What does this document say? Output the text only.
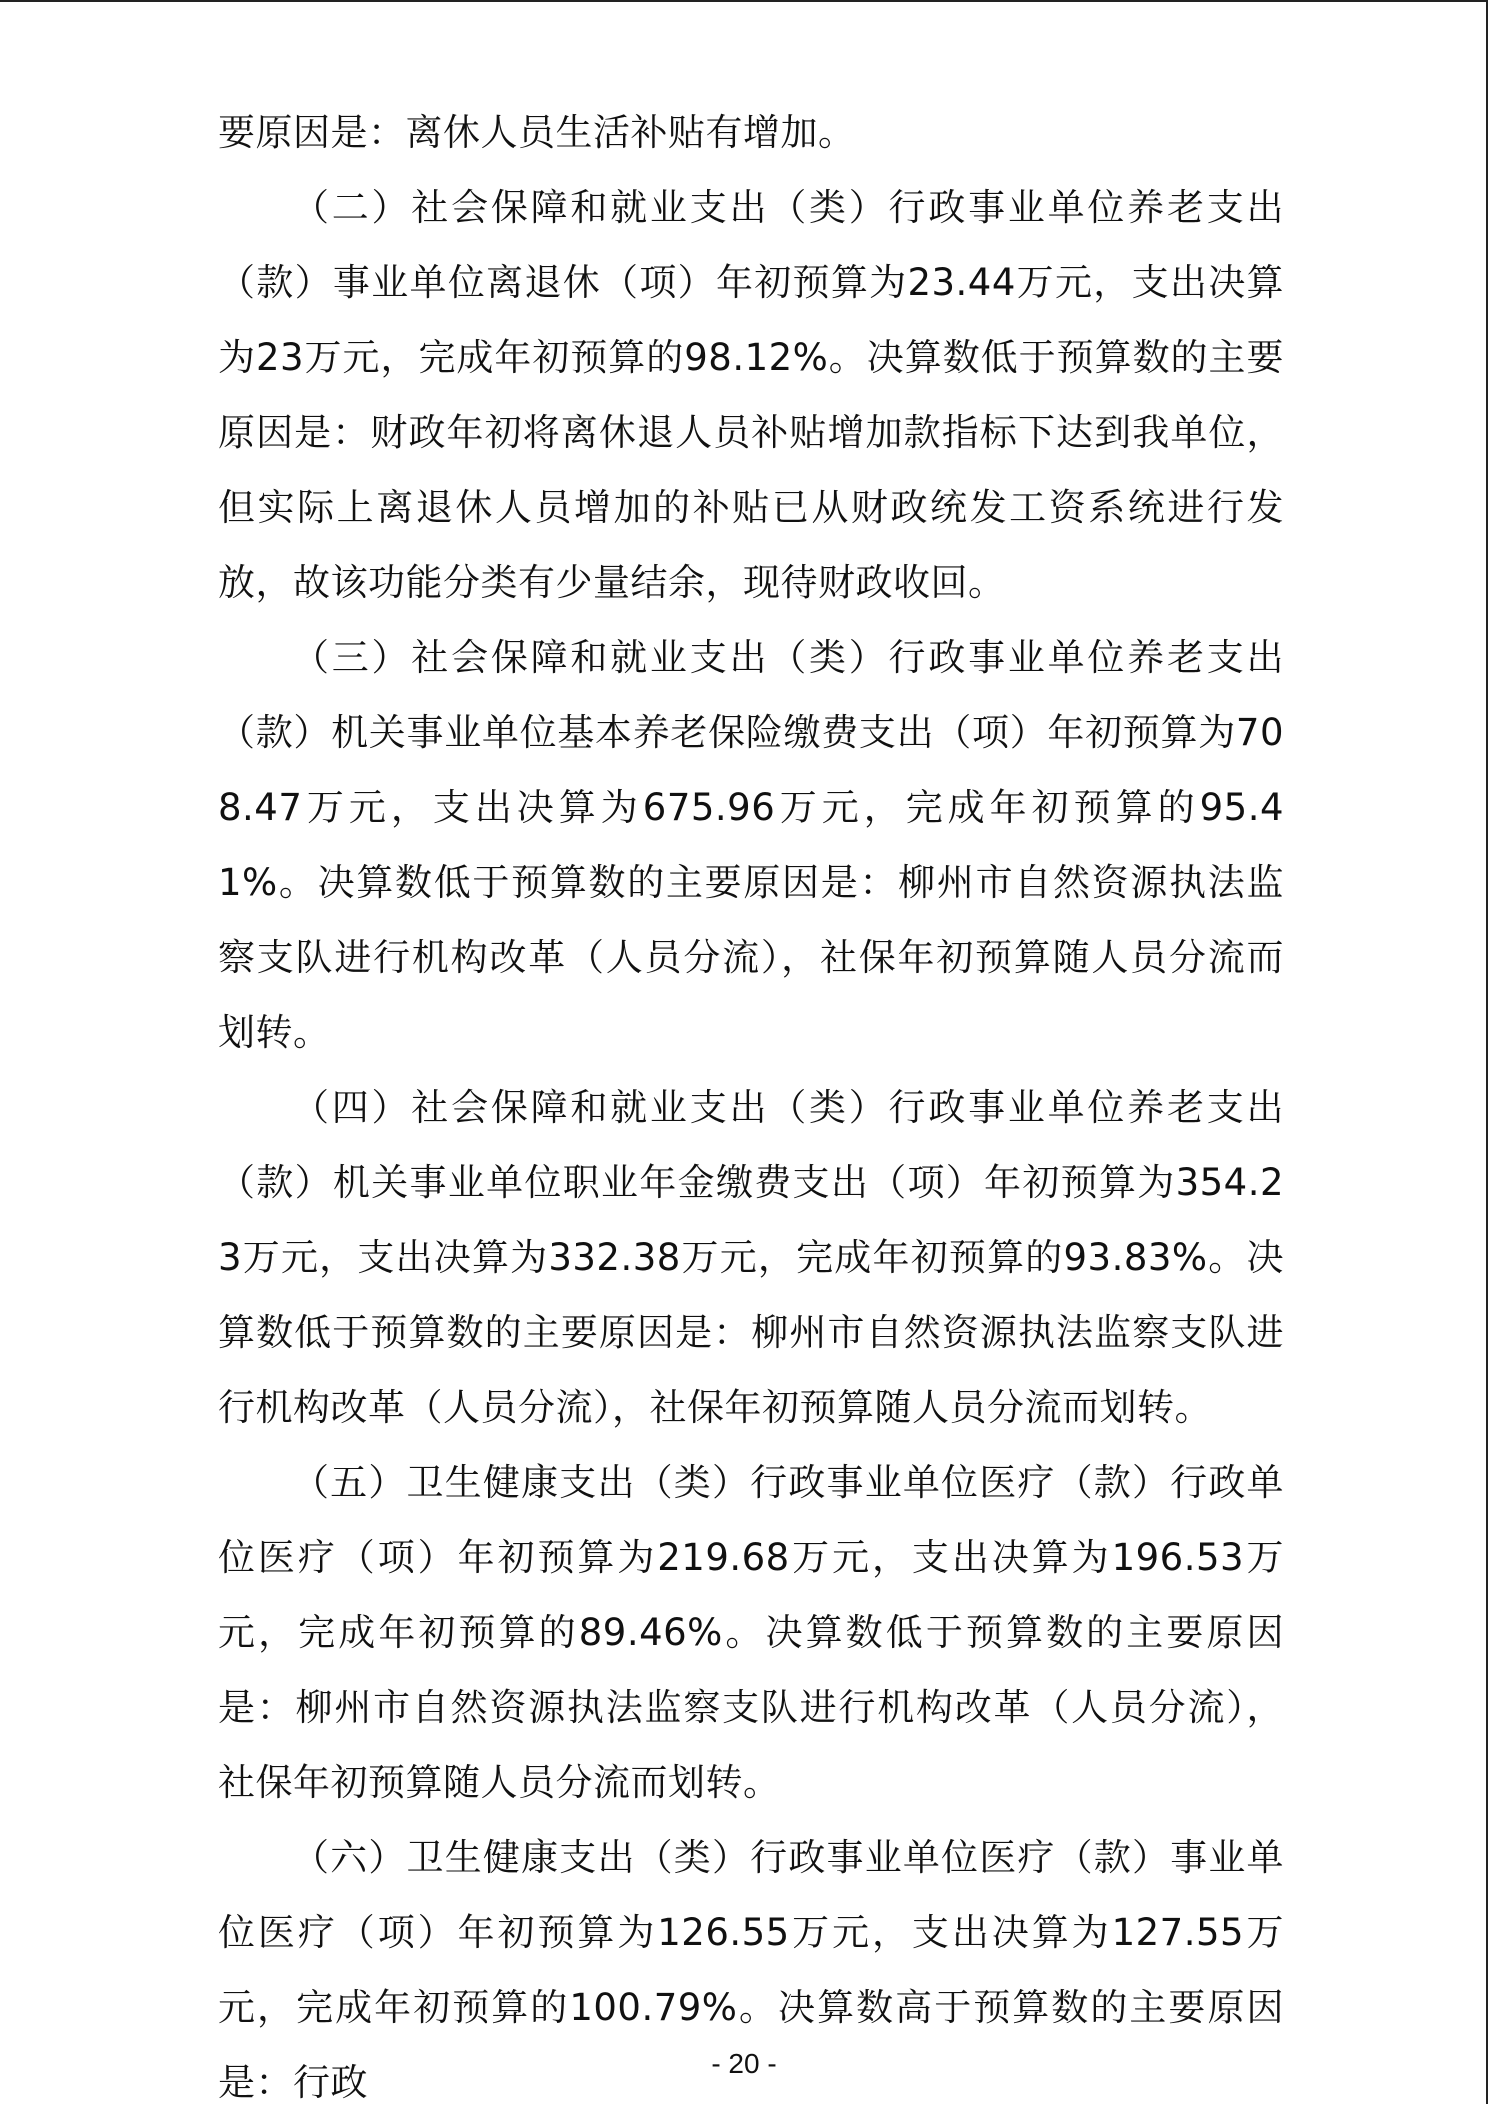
要原因是：离休人员生活补贴有增加。

（二）社会保障和就业支出（类）行政事业单位养老支出（款）事业单位离退休（项）年初预算为23.44万元，支出决算为23万元，完成年初预算的98.12%。决算数低于预算数的主要原因是：财政年初将离休退人员补贴增加款指标下达到我单位，但实际上离退休人员增加的补贴已从财政统发工资系统进行发放，故该功能分类有少量结余，现待财政收回。

（三）社会保障和就业支出（类）行政事业单位养老支出（款）机关事业单位基本养老保险缴费支出（项）年初预算为708.47万元，支出决算为675.96万元，完成年初预算的95.41%。决算数低于预算数的主要原因是：柳州市自然资源执法监察支队进行机构改革（人员分流），社保年初预算随人员分流而划转。

（四）社会保障和就业支出（类）行政事业单位养老支出（款）机关事业单位职业年金缴费支出（项）年初预算为354.23万元，支出决算为332.38万元，完成年初预算的93.83%。决算数低于预算数的主要原因是：柳州市自然资源执法监察支队进行机构改革（人员分流），社保年初预算随人员分流而划转。

（五）卫生健康支出（类）行政事业单位医疗（款）行政单位医疗（项）年初预算为219.68万元，支出决算为196.53万元，完成年初预算的89.46%。决算数低于预算数的主要原因是：柳州市自然资源执法监察支队进行机构改革（人员分流），社保年初预算随人员分流而划转。

（六）卫生健康支出（类）行政事业单位医疗（款）事业单位医疗（项）年初预算为126.55万元，支出决算为127.55万元，完成年初预算的100.79%。决算数高于预算数的主要原因是：行政	- 20 -
